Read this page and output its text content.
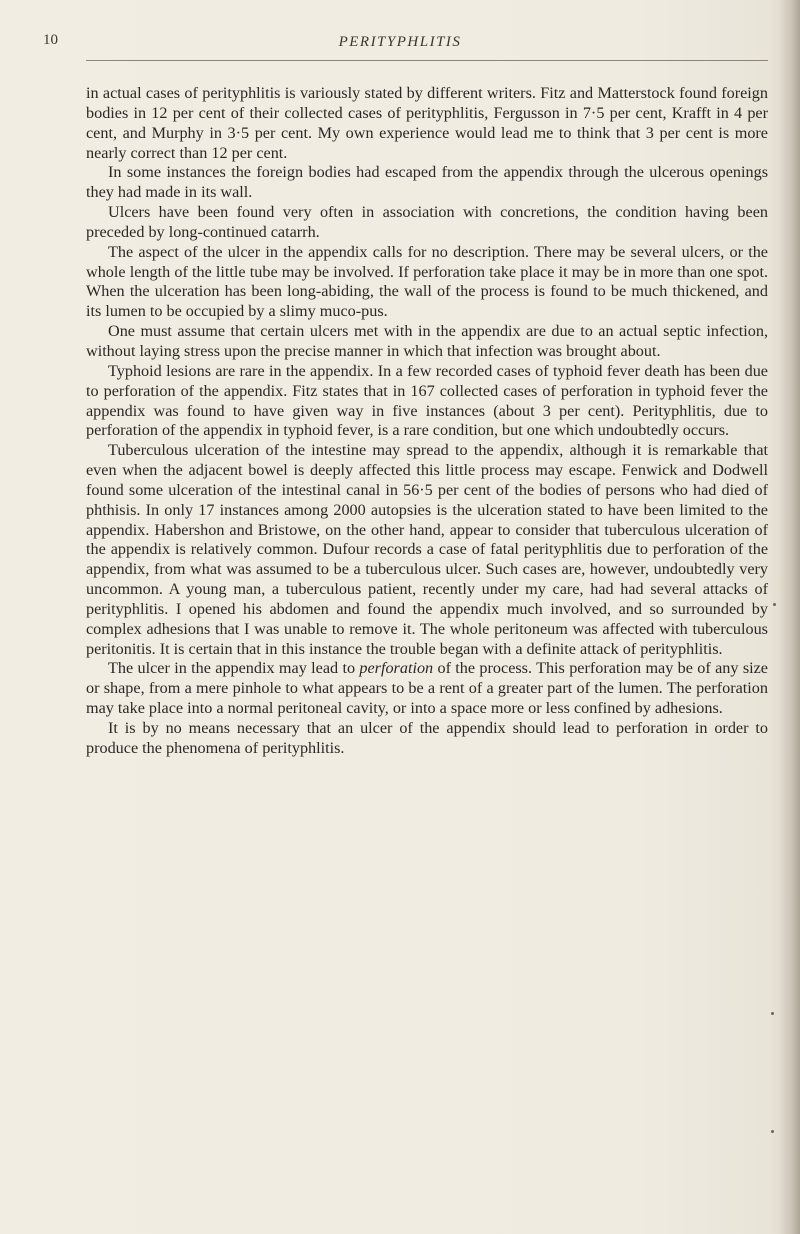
10	PERITYPHLITIS

in actual cases of perityphlitis is variously stated by different writers. Fitz and Matterstock found foreign bodies in 12 per cent of their collected cases of perityphlitis, Fergusson in 7·5 per cent, Krafft in 4 per cent, and Murphy in 3·5 per cent. My own experience would lead me to think that 3 per cent is more nearly correct than 12 per cent.

In some instances the foreign bodies had escaped from the appendix through the ulcerous openings they had made in its wall.

Ulcers have been found very often in association with concretions, the condition having been preceded by long-continued catarrh.

The aspect of the ulcer in the appendix calls for no description. There may be several ulcers, or the whole length of the little tube may be involved. If perforation take place it may be in more than one spot. When the ulceration has been long-abiding, the wall of the process is found to be much thickened, and its lumen to be occupied by a slimy muco-pus.

One must assume that certain ulcers met with in the appendix are due to an actual septic infection, without laying stress upon the precise manner in which that infection was brought about.

Typhoid lesions are rare in the appendix. In a few recorded cases of typhoid fever death has been due to perforation of the appendix. Fitz states that in 167 collected cases of perforation in typhoid fever the appendix was found to have given way in five instances (about 3 per cent). Perityphlitis, due to perforation of the appendix in typhoid fever, is a rare condition, but one which undoubtedly occurs.

Tuberculous ulceration of the intestine may spread to the appendix, although it is remarkable that even when the adjacent bowel is deeply affected this little process may escape. Fenwick and Dodwell found some ulceration of the intestinal canal in 56·5 per cent of the bodies of persons who had died of phthisis. In only 17 instances among 2000 autopsies is the ulceration stated to have been limited to the appendix. Habershon and Bristowe, on the other hand, appear to consider that tuberculous ulceration of the appendix is relatively common. Dufour records a case of fatal perityphlitis due to perforation of the appendix, from what was assumed to be a tuberculous ulcer. Such cases are, however, undoubtedly very uncommon. A young man, a tuberculous patient, recently under my care, had had several attacks of perityphlitis. I opened his abdomen and found the appendix much involved, and so surrounded by complex adhesions that I was unable to remove it. The whole peritoneum was affected with tuberculous peritonitis. It is certain that in this instance the trouble began with a definite attack of perityphlitis.

The ulcer in the appendix may lead to perforation of the process. This perforation may be of any size or shape, from a mere pinhole to what appears to be a rent of a greater part of the lumen. The perforation may take place into a normal peritoneal cavity, or into a space more or less confined by adhesions.

It is by no means necessary that an ulcer of the appendix should lead to perforation in order to produce the phenomena of perityphlitis.
